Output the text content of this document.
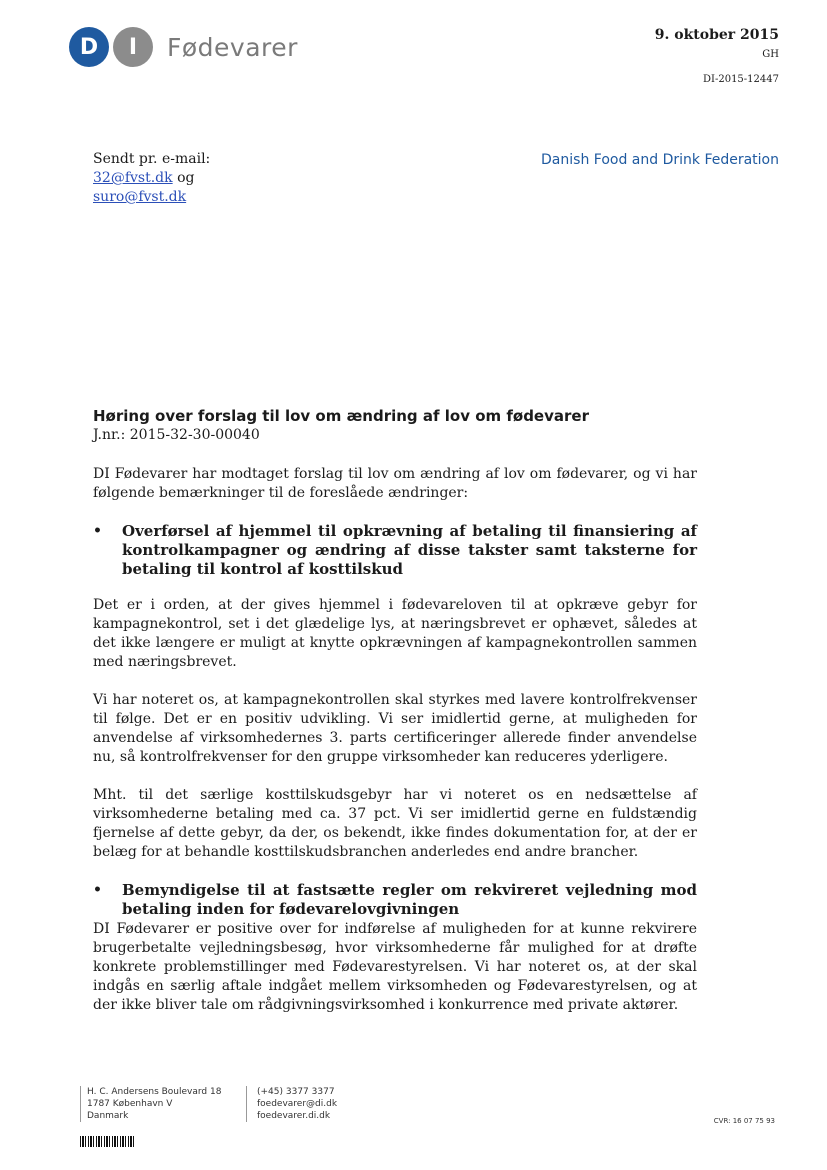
D	I	Fødevarer	9. oktober 2015
GH
DI-2015-12447
Danish Food and Drink Federation
Sendt pr. e-mail:
32@fvst.dk og
suro@fvst.dk
Høring over forslag til lov om ændring af lov om fødevarer
J.nr.: 2015-32-30-00040

DI Fødevarer har modtaget forslag til lov om ændring af lov om fødevarer, og vi har følgende bemærkninger til de foreslåede ændringer:

•	Overførsel af hjemmel til opkrævning af betaling til finansiering af kontrolkampagner og ændring af disse takster samt taksterne for betaling til kontrol af kosttilskud

Det er i orden, at der gives hjemmel i fødevareloven til at opkræve gebyr for kampagnekontrol, set i det glædelige lys, at næringsbrevet er ophævet, således at det ikke længere er muligt at knytte opkrævningen af kampagnekontrollen sammen med næringsbrevet.

Vi har noteret os, at kampagnekontrollen skal styrkes med lavere kontrolfrekvenser til følge. Det er en positiv udvikling. Vi ser imidlertid gerne, at muligheden for anvendelse af virksomhedernes 3. parts certificeringer allerede finder anvendelse nu, så kontrolfrekvenser for den gruppe virksomheder kan reduceres yderligere.

Mht. til det særlige kosttilskudsgebyr har vi noteret os en nedsættelse af virksomhederne betaling med ca. 37 pct. Vi ser imidlertid gerne en fuldstændig fjernelse af dette gebyr, da der, os bekendt, ikke findes dokumentation for, at der er belæg for at behandle kosttilskudsbranchen anderledes end andre brancher.

•	Bemyndigelse til at fastsætte regler om rekvireret vejledning mod betaling inden for fødevarelovgivningen

DI Fødevarer er positive over for indførelse af muligheden for at kunne rekvirere brugerbetalte vejledningsbesøg, hvor virksomhederne får mulighed for at drøfte konkrete problemstillinger med Fødevarestyrelsen. Vi har noteret os, at der skal indgås en særlig aftale indgået mellem virksomheden og Fødevarestyrelsen, og at der ikke bliver tale om rådgivningsvirksomhed i konkurrence med private aktører.

H. C. Andersens Boulevard 18
1787 København V
Danmark
(+45) 3377 3377
foedevarer@di.dk
foedevarer.di.dk	CVR: 16 07 75 93
